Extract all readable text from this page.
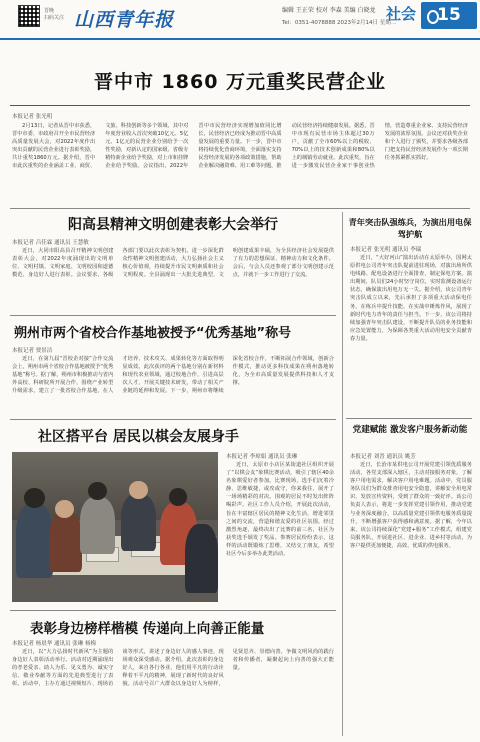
晋晚
扫码关注 山西青年报	编辑 王正荣 校对 李森 美编 白晓龙
Tel：0351-4078888 2023年2月14日 星期二
社会	15
晋中市 1860 万元重奖民营企业
本报记者 张光明

2月13日，记者从晋中市获悉，晋中市委、市政府召开全市民营经济高质量发展大会，对2022年度作出突出贡献的民营企业进行表彰奖励，共计重奖1860万元。据介绍，晋中市此次重奖的企业涵盖工业、商贸、文旅、科技创新等多个领域，其中对年度营业收入首次突破10亿元、5亿元、1亿元的民营企业分别给予一次性奖励，对新认定的国家级、省级专精特新企业给予奖励，对上市和挂牌企业给予奖励。会议指出，2022年晋中市民营经济实现增加值同比增长，民营经济已经成为推动晋中高质量发展的重要力量。下一步，晋中市将持续优化营商环境，全面落实支持民营经济发展的各项政策措施，帮助企业解决融资难、用工难等问题，推动民营经济持续健康发展。据悉，晋中市现有民营市场主体超过30万户，贡献了全市60%以上的税收、70%以上的技术创新成果和80%以上的城镇劳动就业。此次重奖，旨在进一步激发民营企业家干事创业热情，营造尊重企业家、支持民营经济发展的浓厚氛围。会议还对获奖企业和个人进行了颁奖，并要求各级各部门把支持民营经济发展作为一项长期任务抓紧抓实抓好。

阳高县精神文明创建表彰大会举行
本报记者 吕佳霖 通讯员 王慧敏

近日，大同市阳高县召开精神文明创建表彰大会，对2022年度涌现出的文明单位、文明村镇、文明家庭、文明校园和道德模范、身边好人进行表彰。会议要求，各级各部门要以此次表彰为契机，进一步深化群众性精神文明创建活动，大力弘扬社会主义核心价值观，持续提升市民文明素质和社会文明程度。全县涌现出一大批先进典型，文明创建成果丰硕，为全县经济社会发展提供了有力的思想保证、精神动力和文化条件。会后，与会人员还参观了部分文明创建示范点，并就下一步工作进行了交流。

朔州市两个省校合作基地被授予“优秀基地”称号
本报记者 贾景洁

近日，在第九届“晋校企对接”合作交流会上，朔州市两个省校合作基地被授予“优秀基地”称号。据了解，朔州市积极推动与省内外高校、科研院所开展合作，围绕产业转型升级需求，建立了一批省校合作基地，在人才培养、技术攻关、成果转化等方面取得明显成效。此次获评的两个基地分别在新材料和现代农业领域，通过校地合作，引进高层次人才，开展关键技术研发，带动了相关产业链的延伸和发展。下一步，朔州市将继续深化省校合作，不断拓展合作领域，创新合作模式，推动更多科技成果在朔州落地转化，为全市高质量发展提供科技和人才支撑。

社区搭平台 居民以棋会友展身手
本报记者 李琼娟 通讯员 张琳

近日，太原市小店区某街道社区组织开展了“以棋会友”象棋比赛活动，吸引了辖区40余名象棋爱好者参加。比赛现场，选手们沉着冷静、思维敏捷，或攻或守，你来我往，展开了一场场精彩的对决。围观的居民不时发出阵阵喝彩声。社区工作人员介绍，开展此次活动，旨在丰富辖区居民的精神文化生活，增进邻里之间的交流，营造和谐友爱的社区氛围。经过激烈角逐，最终决出了比赛的前三名，社区为获奖选手颁发了奖品。参赛居民纷纷表示，这样的活动既锻炼了思维，又结交了朋友，希望社区今后多举办此类活动。

表彰身边榜样楷模 传递向上向善正能量
本报记者 杨晨华 通讯员 张琳 杨梅

近日，以“大力弘扬时代新风”为主题的身边好人表彰活动举行。活动对近期涌现出的孝老爱亲、助人为乐、见义勇为、诚实守信、敬业奉献等方面的先进典型进行了表彰。活动中，主办方通过视频短片、现场访谈等形式，讲述了身边好人的感人事迹，现场观众深受感动。据介绍，此次表彰的身边好人，来自各行各业，他们用平凡的行动诠释着不平凡的精神，展现了新时代的良好风貌。活动号召广大群众以身边好人为榜样，见贤思齐、崇德向善，争做文明风尚的践行者和传播者，凝聚起向上向善的强大正能量。

青年突击队强练兵，为演出用电保驾护航
本报记者 张光明 通讯员 李瑞

近日，“大好河山”演出活动在太原举办，国网太原供电公司青年突击队提前进驻现场，对演出场所供电线路、配电设备进行全面排查，制定保电方案。演出期间，队员们24小时坚守岗位，实时监测设备运行状态，确保演出用电万无一失。据介绍，该公司青年突击队成立以来，先后承担了多项重大活动保电任务，在练兵中提升技能，在实战中锤炼作风，展现了新时代电力青年的责任与担当。下一步，该公司将持续加强青年突击队建设，不断提升队员的业务技能和应急处置能力，为保障各类重大活动用电安全贡献青春力量。

党建赋能 激发客户服务新动能
本报记者 刘晋 通讯员 姚芳

近日，长治市某供电公司开展党建引领优质服务活动，各党支部深入辖区，主动对接服务对象，了解客户用电需求，解决客户用电难题。活动中，党员服务队员们为群众排查用电安全隐患，讲解安全用电常识，发放宣传资料，受到了群众的一致好评。该公司负责人表示，将进一步发挥党建引领作用，推动党建与业务深度融合，以高质量党建引领供电服务质量提升，不断增强客户获得感和满意度。据了解，今年以来，该公司持续深化“党建+服务”工作模式，组建党员服务队，开展进社区、进企业、进乡村等活动，为客户提供更加便捷、高效、优质的供电服务。
